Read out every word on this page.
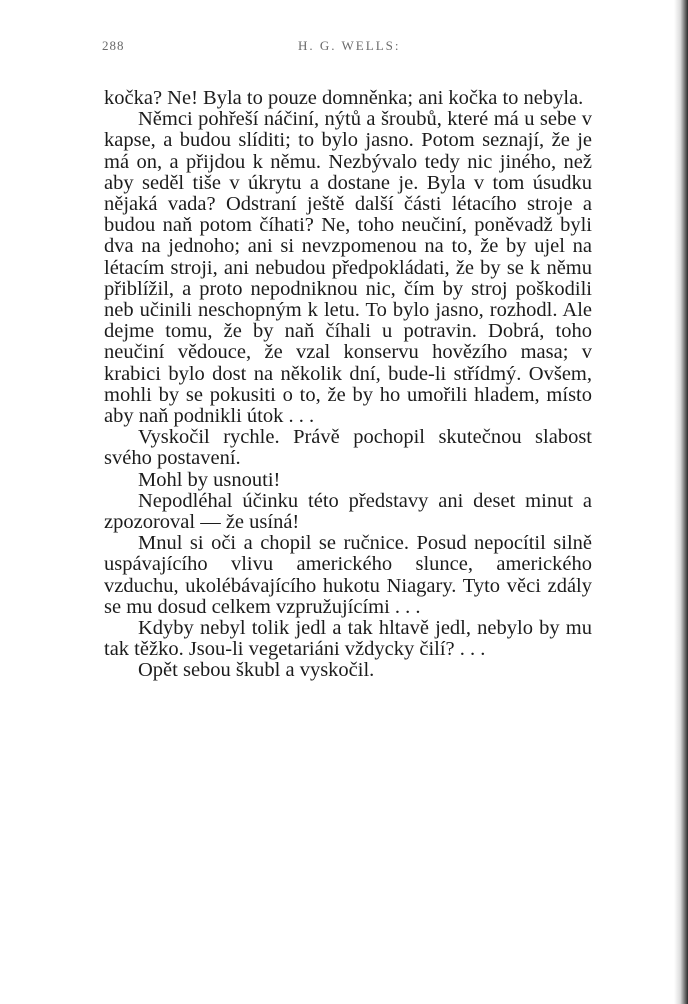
288	H. G. WELLS:

kočka? Ne! Byla to pouze domněnka; ani kočka to nebyla.

Němci pohřeší náčiní, nýtů a šroubů, které má u sebe v kapse, a budou slíditi; to bylo jasno. Potom seznají, že je má on, a přijdou k němu. Nezbývalo tedy nic jiného, než aby seděl tiše v úkrytu a dostane je. Byla v tom úsudku nějaká vada? Odstraní ještě další části létacího stroje a budou naň potom číhati? Ne, toho neučiní, poněvadž byli dva na jednoho; ani si nevzpomenou na to, že by ujel na létacím stroji, ani nebudou předpokládati, že by se k němu přiblížil, a proto nepodniknou nic, čím by stroj poškodili neb učinili neschopným k letu. To bylo jasno, rozhodl. Ale dejme tomu, že by naň číhali u potravin. Dobrá, toho neučiní vědouce, že vzal konservu hovězího masa; v krabici bylo dost na několik dní, bude-li střídmý. Ovšem, mohli by se pokusiti o to, že by ho umořili hladem, místo aby naň podnikli útok . . .

Vyskočil rychle. Právě pochopil skutečnou slabost svého postavení.

Mohl by usnouti!

Nepodléhal účinku této představy ani deset minut a zpozoroval — že usíná!

Mnul si oči a chopil se ručnice. Posud nepocítil silně uspávajícího vlivu amerického slunce, amerického vzduchu, ukolébávajícího hukotu Niagary. Tyto věci zdály se mu dosud celkem vzpružujícími . . .

Kdyby nebyl tolik jedl a tak hltavě jedl, nebylo by mu tak těžko. Jsou-li vegetariáni vždycky čilí? . . .

Opět sebou škubl a vyskočil.
